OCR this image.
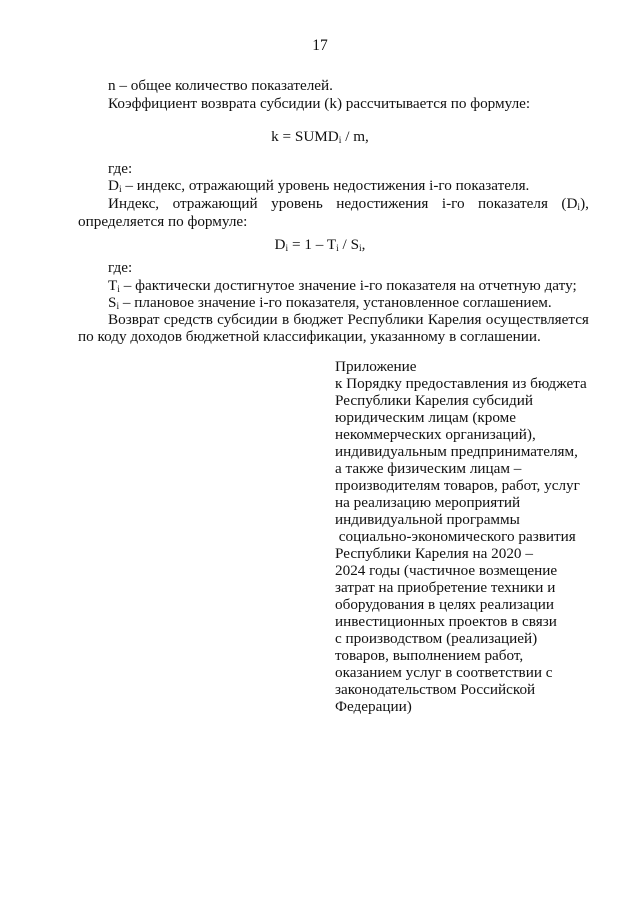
17
n – общее количество показателей.
Коэффициент возврата субсидии (k) рассчитывается по формуле:
$k = SUMD_i / m$,
где:
$D_i$ – индекс, отражающий уровень недостижения i-го показателя.
Индекс, отражающий уровень недостижения i-го показателя $(D_i)$,
определяется по формуле:
$D_i = 1 - T_i / S_i$,
где:
$T_i$ – фактически достигнутое значение i-го показателя на отчетную дату;
$S_i$ – плановое значение i-го показателя, установленное соглашением.
Возврат средств субсидии в бюджет Республики Карелия осуществляется
по коду доходов бюджетной классификации, указанному в соглашении.
Приложение
к Порядку предоставления из бюджета
Республики Карелия субсидий
юридическим лицам (кроме
некоммерческих организаций),
индивидуальным предпринимателям,
а также физическим лицам –
производителям товаров, работ, услуг
на реализацию мероприятий
индивидуальной программы
социально-экономического развития
Республики Карелия на 2020 –
2024 годы (частичное возмещение
затрат на приобретение техники и
оборудования в целях реализации
инвестиционных проектов в связи
с производством (реализацией)
товаров, выполнением работ,
оказанием услуг в соответствии с
законодательством Российской
Федерации)
